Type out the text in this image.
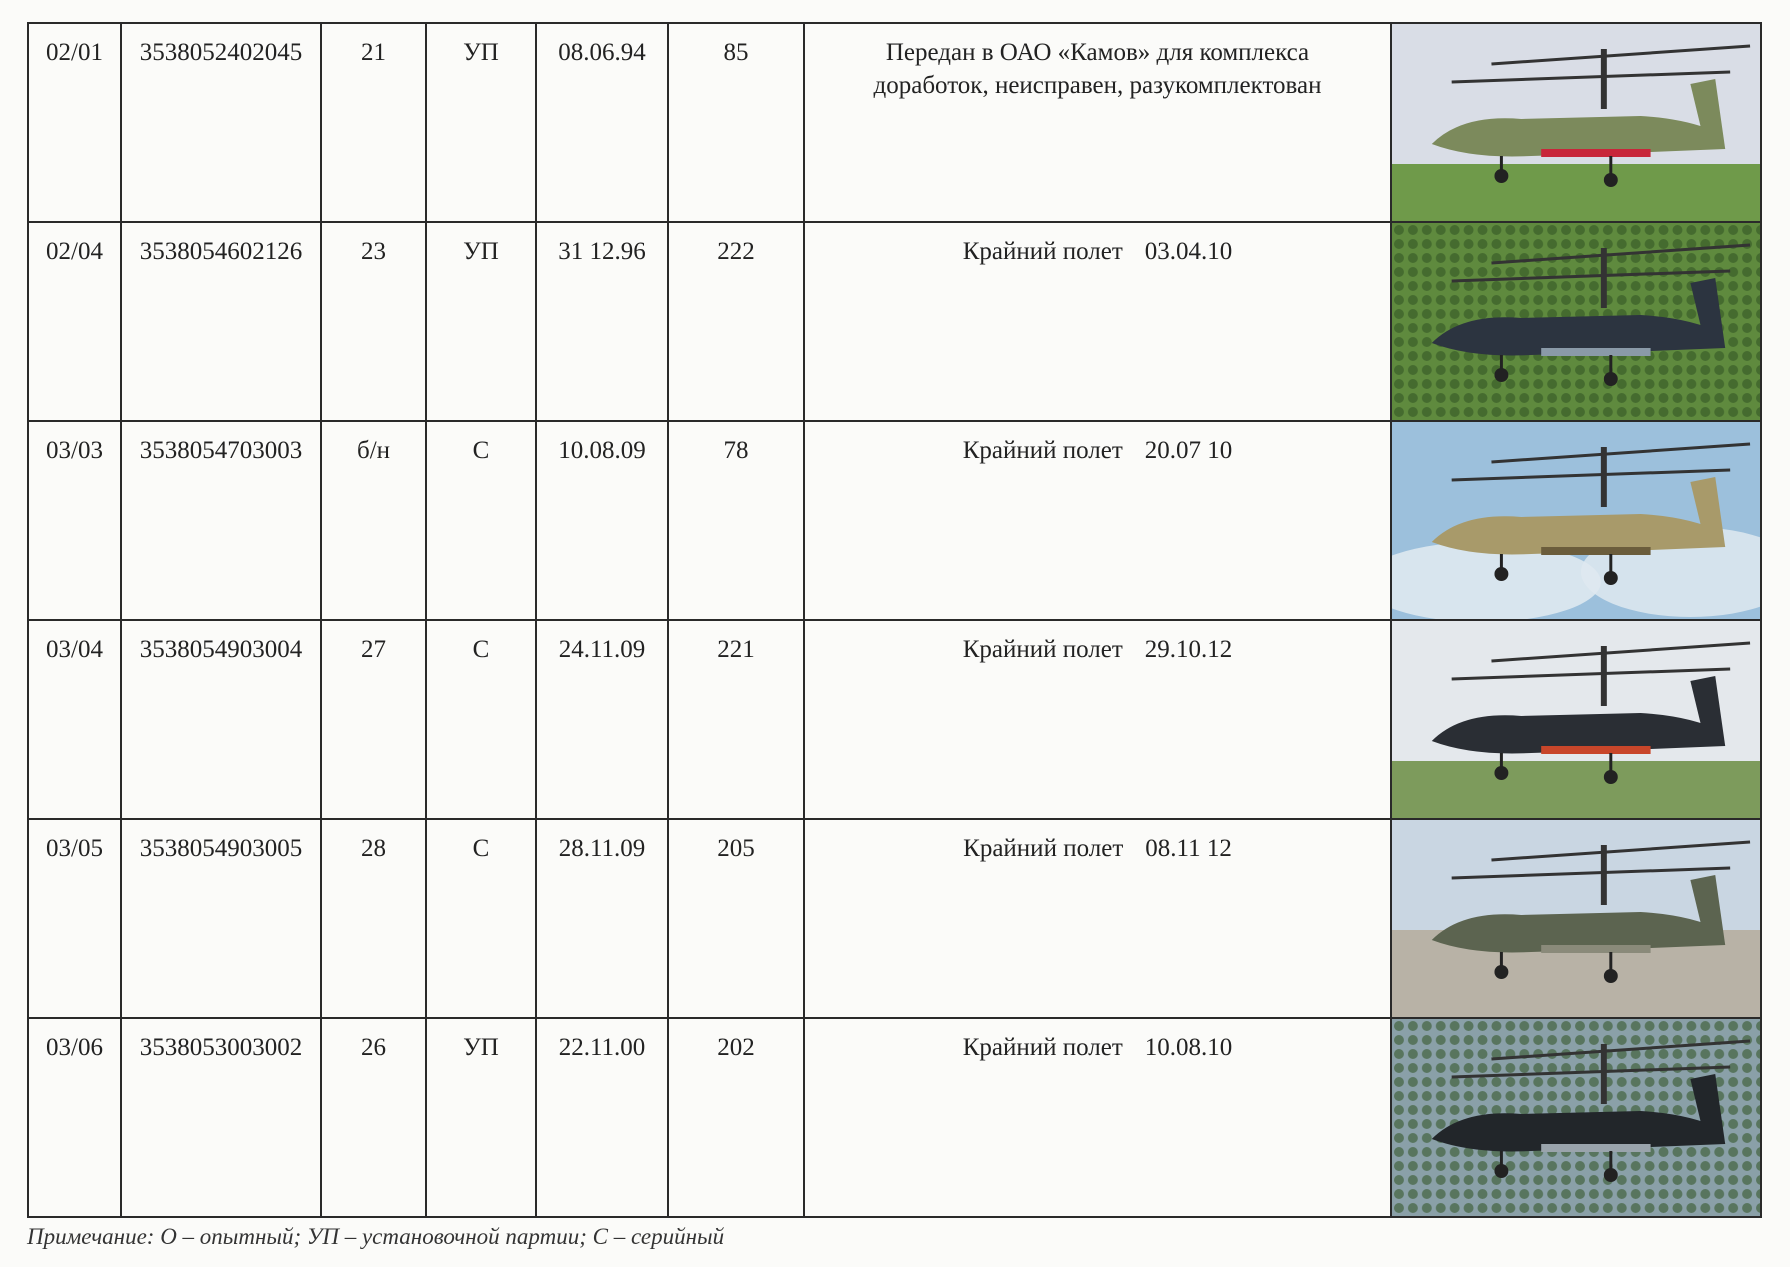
02/01	3538052402045	21	УП	08.06.94	85	Передан в ОАО «Камов» для комплекса
доработок, неисправен, разукомплектован

02/04	3538054602126	23	УП	31 12.96	222	Крайний полет 03.04.10

03/03	3538054703003	б/н	С	10.08.09	78	Крайний полет 20.07 10

03/04	3538054903004	27	С	24.11.09	221	Крайний полет 29.10.12

03/05	3538054903005	28	С	28.11.09	205	Крайний полет 08.11 12

03/06	3538053003002	26	УП	22.11.00	202	Крайний полет 10.08.10

Примечание: О – опытный; УП – установочной партии; С – серийный
